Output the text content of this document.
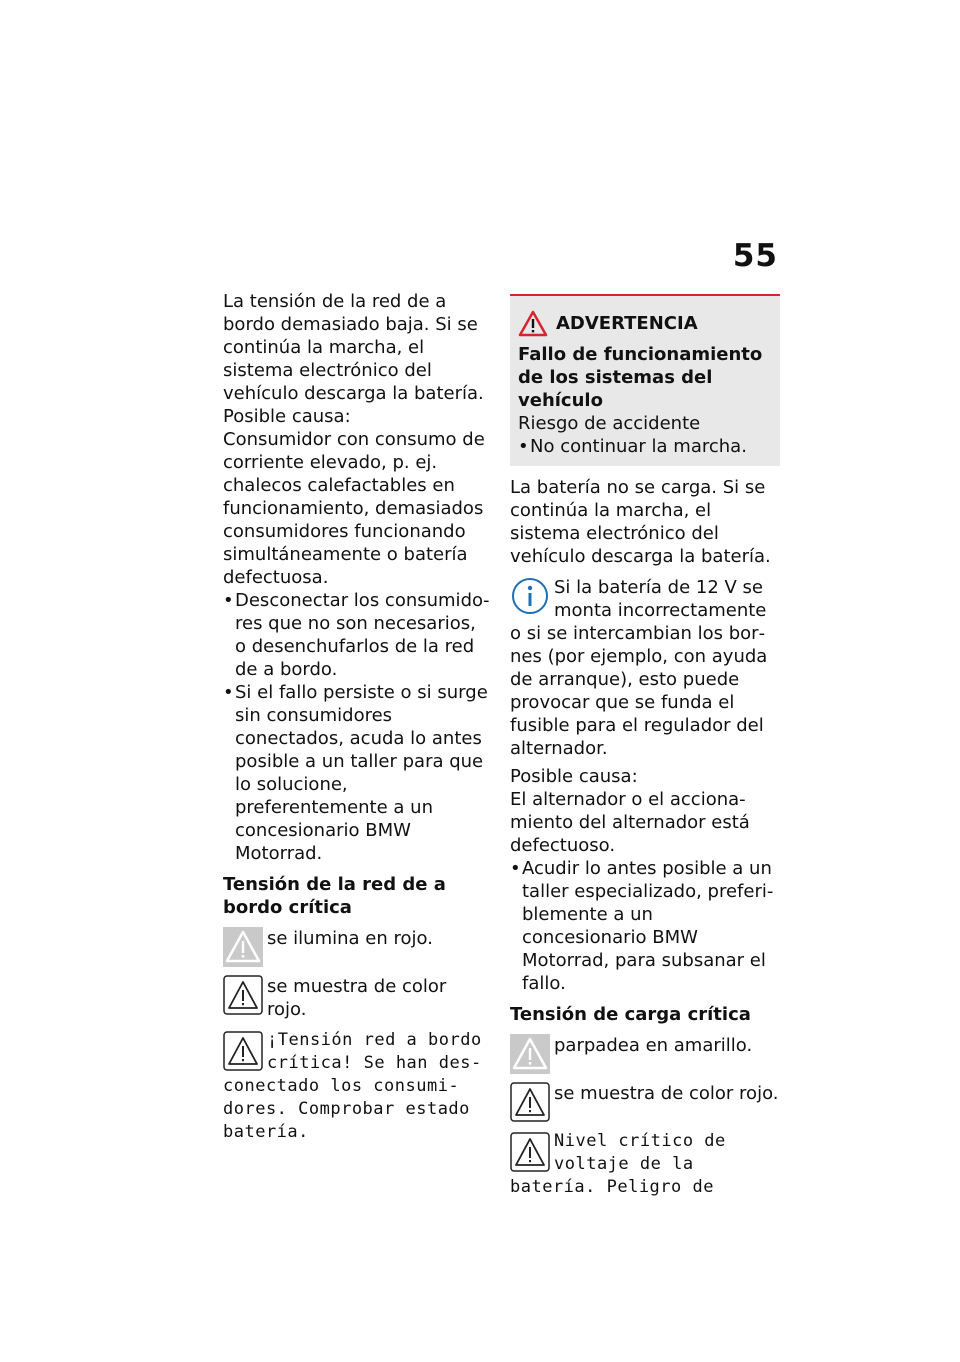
55

La tensión de la red de a bordo demasiado baja. Si se continúa la marcha, el sistema electrónico del vehículo descarga la batería.

Posible causa:

Consumidor con consumo de corriente elevado, p. ej. chalecos calefactables en funcionamiento, demasiados consumidores funcionando simultáneamente o batería defectuosa.

• Desconectar los consumidores que no son necesarios, o desenchufarlos de la red de a bordo.

• Si el fallo persiste o si surge sin consumidores conectados, acuda lo antes posible a un taller para que lo solucione, preferentemente a un concesionario BMW Motorrad.

Tensión de la red de a bordo crítica
se ilumina en rojo.
se muestra de color rojo.
¡Tensión red a bordo crítica! Se han desconectado los consumidores. Comprobar estado batería.
ADVERTENCIA
Fallo de funcionamiento de los sistemas del vehículo

Riesgo de accidente

• No continuar la marcha.

La batería no se carga. Si se continúa la marcha, el sistema electrónico del vehículo descarga la batería.

Si la batería de 12 V se monta incorrectamente o si se intercambian los bornes (por ejemplo, con ayuda de arranque), esto puede provocar que se funda el fusible para el regulador del alternador.

Posible causa:

El alternador o el accionamiento del alternador está defectuoso.

• Acudir lo antes posible a un taller especializado, preferiblemente a un concesionario BMW Motorrad, para subsanar el fallo.

Tensión de carga crítica
parpadea en amarillo.
se muestra de color rojo.
Nivel crítico de voltaje de la batería. Peligro de
